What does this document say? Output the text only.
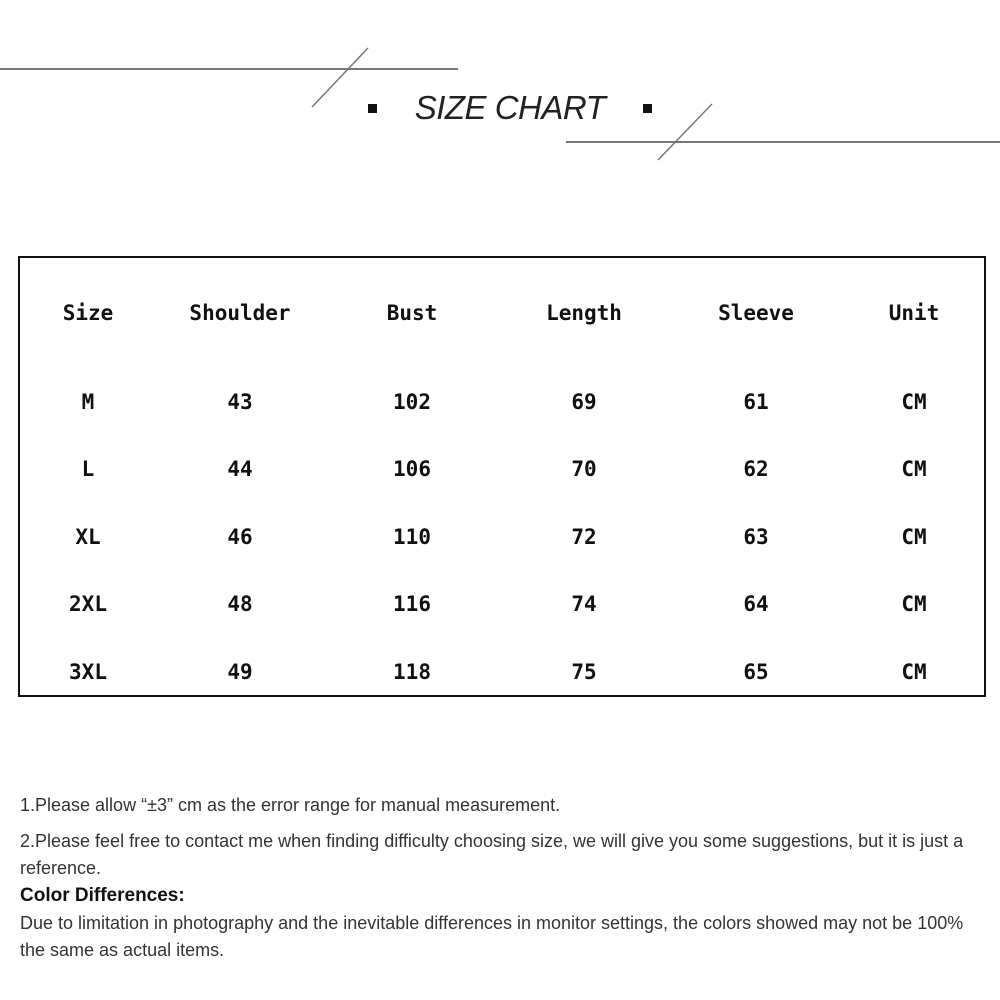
SIZE CHART
Size	Shoulder	Bust	Length	Sleeve	Unit
M	43	102	69	61	CM
L	44	106	70	62	CM
XL	46	110	72	63	CM
2XL	48	116	74	64	CM
3XL	49	118	75	65	CM

1.Please allow “±3” cm as the error range for manual measurement.

2.Please feel free to contact me when finding difficulty choosing size, we will give you some suggestions, but it is just a reference.

Color Differences:

Due to limitation in photography and the inevitable differences in monitor settings, the colors showed may not be 100% the same as actual items.
